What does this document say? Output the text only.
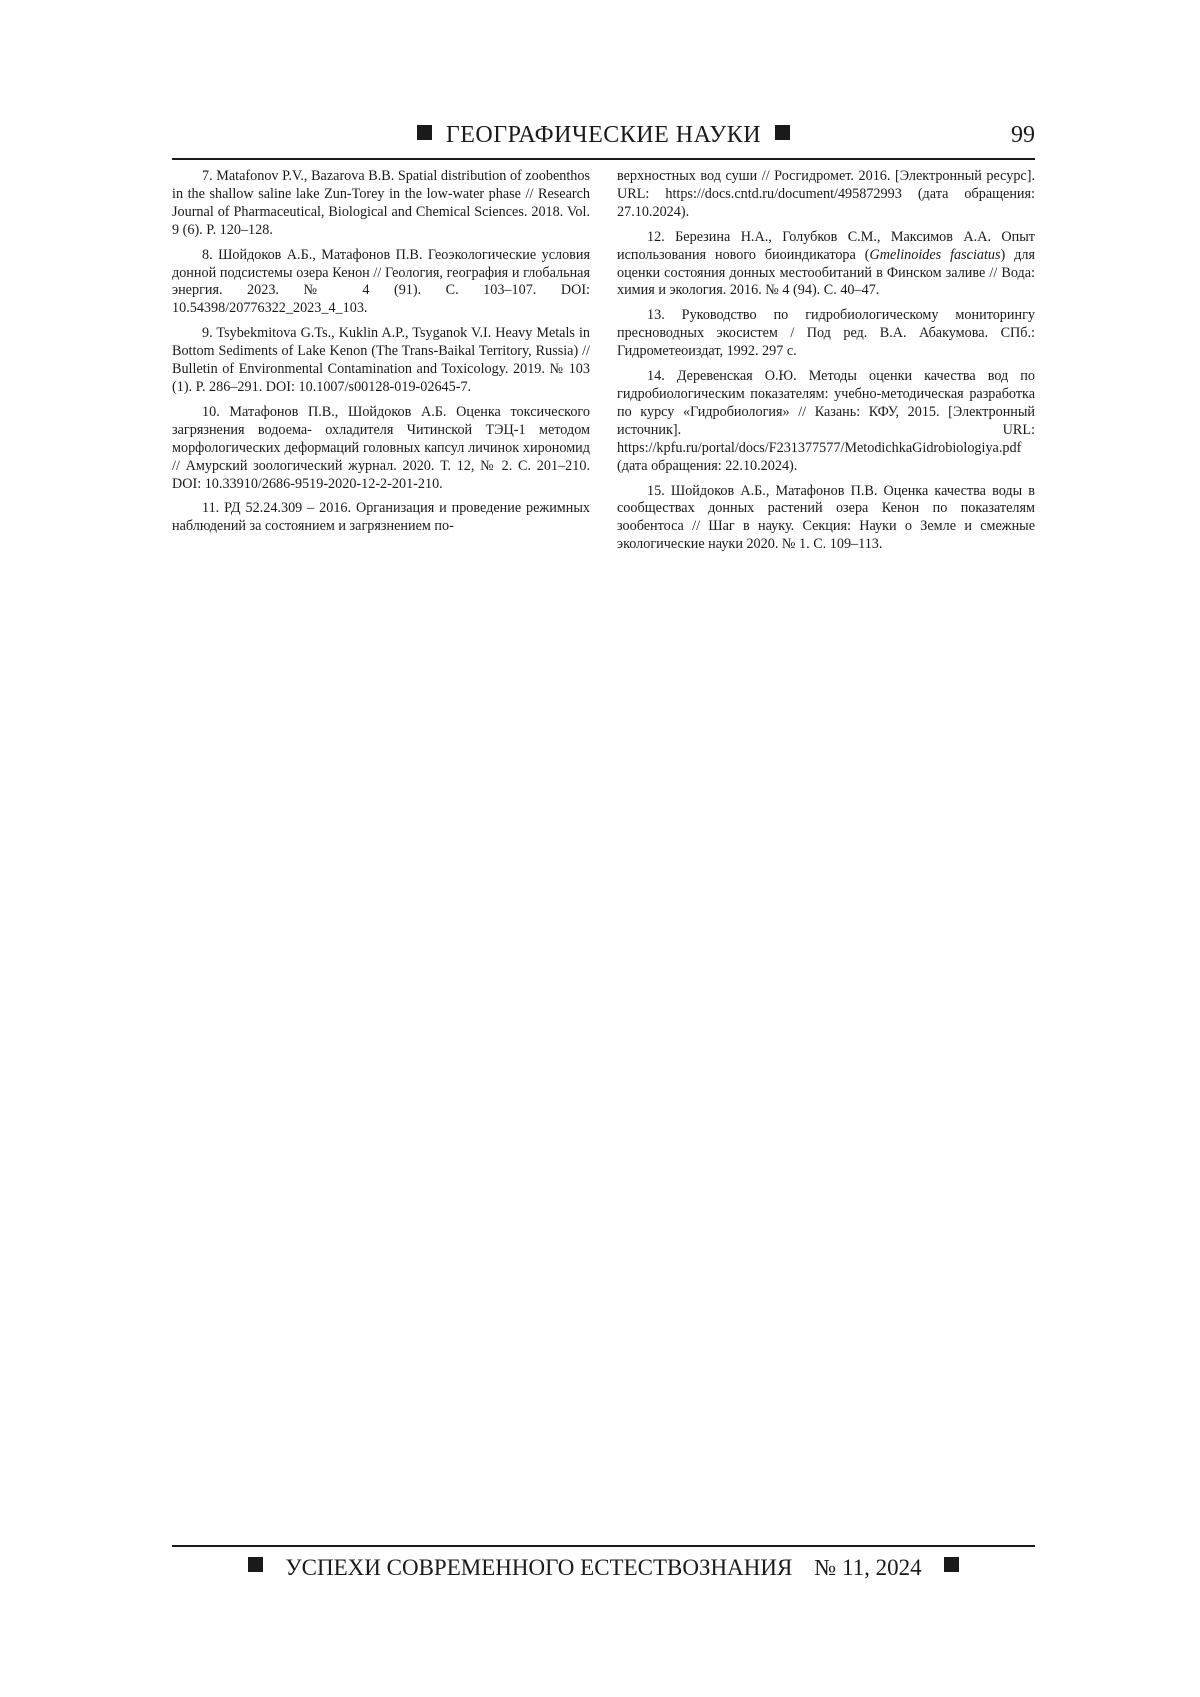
ГЕОГРАФИЧЕСКИЕ НАУКИ	99

7. Matafonov P.V., Bazarova B.B. Spatial distribution of zoobenthos in the shallow saline lake Zun-Torey in the low-water phase // Research Journal of Pharmaceutical, Biological and Chemical Sciences. 2018. Vol. 9 (6). P. 120–128.

8. Шойдоков А.Б., Матафонов П.В. Геоэкологические условия донной подсистемы озера Кенон // Геология, география и глобальная энергия. 2023. № 4 (91). С. 103–107. DOI: 10.54398/20776322_2023_4_103.

9. Tsybekmitova G.Ts., Kuklin A.P., Tsyganok V.I. Heavy Metals in Bottom Sediments of Lake Kenon (The Trans-Baikal Territory, Russia) // Bulletin of Environmental Contamination and Toxicology. 2019. № 103 (1). P. 286–291. DOI: 10.1007/s00128-019-02645-7.

10. Матафонов П.В., Шойдоков А.Б. Оценка токсического загрязнения водоема- охладителя Читинской ТЭЦ-1 методом морфологических деформаций головных капсул личинок хирономид // Амурский зоологический журнал. 2020. Т. 12, № 2. С. 201–210. DOI: 10.33910/2686-9519-2020-12-2-201-210.

11. РД 52.24.309 – 2016. Организация и проведение режимных наблюдений за состоянием и загрязнением по-

верхностных вод суши // Росгидромет. 2016. [Электронный ресурс]. URL: https://docs.cntd.ru/document/495872993 (дата обращения: 27.10.2024).

12. Березина Н.А., Голубков С.М., Максимов А.А. Опыт использования нового биоиндикатора (Gmelinoides fasciatus) для оценки состояния донных местообитаний в Финском заливе // Вода: химия и экология. 2016. № 4 (94). С. 40–47.

13. Руководство по гидробиологическому мониторингу пресноводных экосистем / Под ред. В.А. Абакумова. СПб.: Гидрометеоиздат, 1992. 297 с.

14. Деревенская О.Ю. Методы оценки качества вод по гидробиологическим показателям: учебно-методическая разработка по курсу «Гидробиология» // Казань: КФУ, 2015. [Электронный источник]. URL: https://kpfu.ru/portal/docs/F231377577/MetodichkaGidrobiologiya.pdf (дата обращения: 22.10.2024).

15. Шойдоков А.Б., Матафонов П.В. Оценка качества воды в сообществах донных растений озера Кенон по показателям зообентоса // Шаг в науку. Секция: Науки о Земле и смежные экологические науки 2020. № 1. С. 109–113.

УСПЕХИ СОВРЕМЕННОГО ЕСТЕСТВОЗНАНИЯ № 11, 2024
